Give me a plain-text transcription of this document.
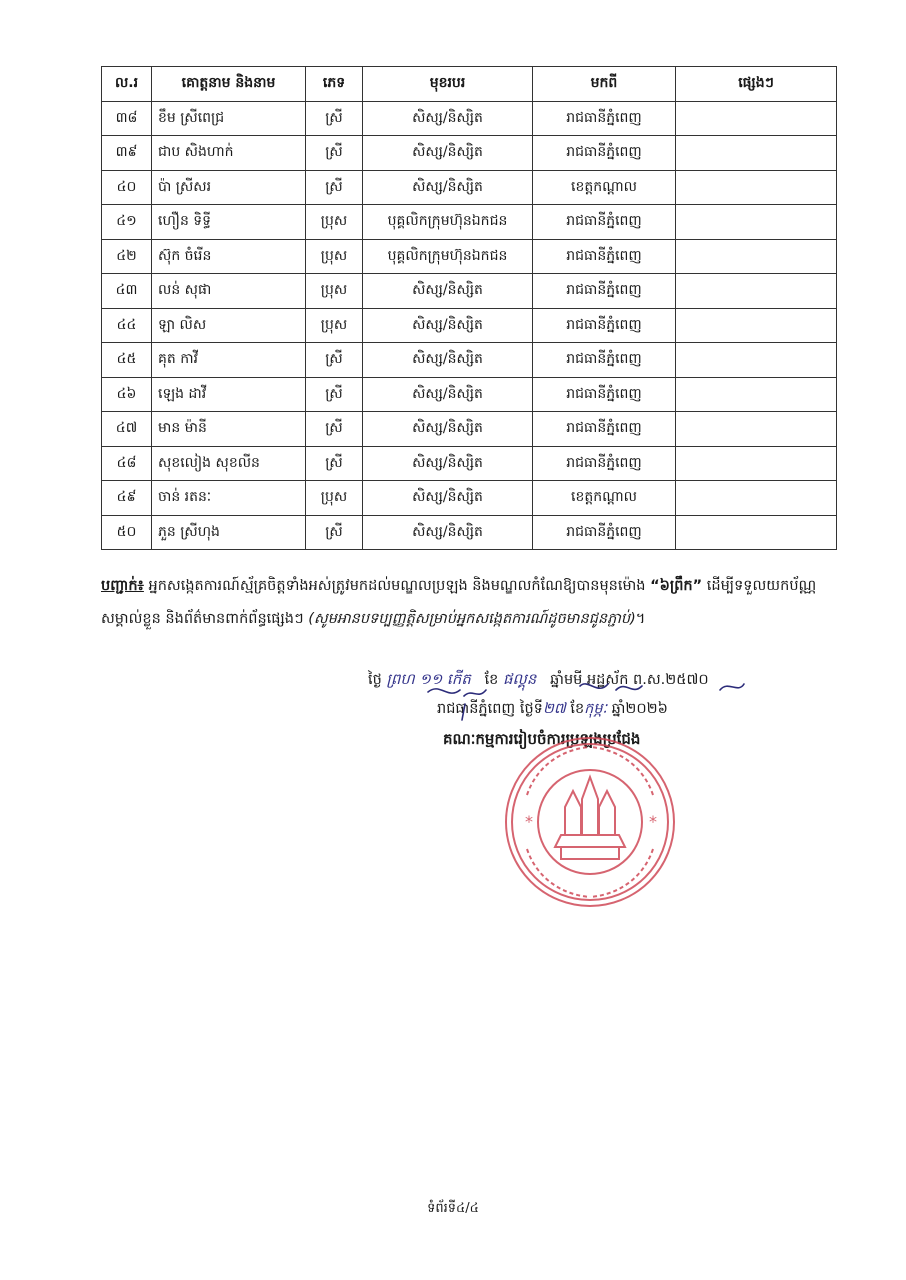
ល.រ	គោត្តនាម និងនាម	ភេទ	មុខរបរ	មកពី	ផ្សេងៗ
៣៨	ខឹម ស្រីពេជ្រ	ស្រី	សិស្ស/និស្សិត	រាជធានីភ្នំពេញ	
៣៩	ជាប សិងហាក់	ស្រី	សិស្ស/និស្សិត	រាជធានីភ្នំពេញ	
៤០	ប៉ា ស្រីសរ	ស្រី	សិស្ស/និស្សិត	ខេត្តកណ្តាល	
៤១	ហឿន ទិទ្ធី	ប្រុស	បុគ្គលិកក្រុមហ៊ុនឯកជន	រាជធានីភ្នំពេញ	
៤២	ស៊ុក ចំរើន	ប្រុស	បុគ្គលិកក្រុមហ៊ុនឯកជន	រាជធានីភ្នំពេញ	
៤៣	លន់ សុផា	ប្រុស	សិស្ស/និស្សិត	រាជធានីភ្នំពេញ	
៤៤	ឡា លិស	ប្រុស	សិស្ស/និស្សិត	រាជធានីភ្នំពេញ	
៤៥	គុត កាវី	ស្រី	សិស្ស/និស្សិត	រាជធានីភ្នំពេញ	
៤៦	ឡេង ដាវី	ស្រី	សិស្ស/និស្សិត	រាជធានីភ្នំពេញ	
៤៧	មាន ម៉ានី	ស្រី	សិស្ស/និស្សិត	រាជធានីភ្នំពេញ	
៤៨	សុខលៀង សុខលីន	ស្រី	សិស្ស/និស្សិត	រាជធានីភ្នំពេញ	
៤៩	ចាន់ រតនៈ	ប្រុស	សិស្ស/និស្សិត	ខេត្តកណ្តាល	
៥០	ភួន ស្រីហុង	ស្រី	សិស្ស/និស្សិត	រាជធានីភ្នំពេញ	
បញ្ជាក់៖ អ្នកសង្កេតការណ៍ស្ម័គ្រចិត្តទាំងអស់ត្រូវមកដល់មណ្ឌលប្រឡង និងមណ្ឌលកំណែឱ្យបានមុនម៉ោង “៦ព្រឹក” ដើម្បីទទួលយកប័ណ្ណសម្គាល់ខ្លួន និងព័ត៌មានពាក់ព័ន្ធផ្សេងៗ (សូមអានបទប្បញ្ញត្តិសម្រាប់អ្នកសង្កេតការណ៍ដូចមានជូនភ្ជាប់)។
ថ្ងៃ ព្រហ ១១ កើត ខែ ផល្គុន ឆ្នាំមមី អដ្ឋស័ក ព.ស.២៥៧០
រាជធានីភ្នំពេញ ថ្ងៃទី២៧ ខែកុម្ភៈ ឆ្នាំ២០២៦
គណៈកម្មការរៀបចំការប្រឡងប្រជែង
*	*
ទំព័រទី៤/៤
